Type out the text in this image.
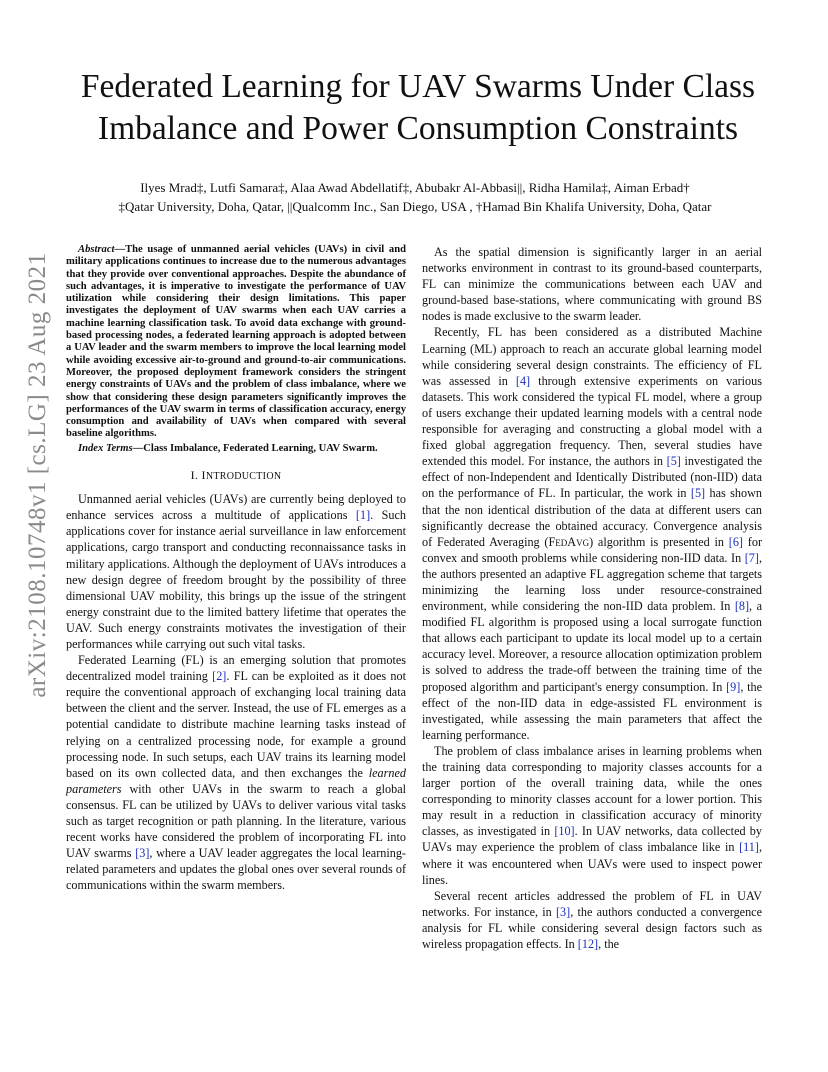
arXiv:2108.10748v1 [cs.LG] 23 Aug 2021
Federated Learning for UAV Swarms Under Class Imbalance and Power Consumption Constraints

Ilyes Mrad‡, Lutfi Samara‡, Alaa Awad Abdellatif‡, Abubakr Al-Abbasi||, Ridha Hamila‡, Aiman Erbad†

‡Qatar University, Doha, Qatar, ||Qualcomm Inc., San Diego, USA , †Hamad Bin Khalifa University, Doha, Qatar

Abstract—The usage of unmanned aerial vehicles (UAVs) in civil and military applications continues to increase due to the numerous advantages that they provide over conventional approaches. Despite the abundance of such advantages, it is imperative to investigate the performance of UAV utilization while considering their design limitations. This paper investigates the deployment of UAV swarms when each UAV carries a machine learning classification task. To avoid data exchange with ground-based processing nodes, a federated learning approach is adopted between a UAV leader and the swarm members to improve the local learning model while avoiding excessive air-to-ground and ground-to-air communications. Moreover, the proposed deployment framework considers the stringent energy constraints of UAVs and the problem of class imbalance, where we show that considering these design parameters significantly improves the performances of the UAV swarm in terms of classification accuracy, energy consumption and availability of UAVs when compared with several baseline algorithms.

Index Terms—Class Imbalance, Federated Learning, UAV Swarm.

I. INTRODUCTION

Unmanned aerial vehicles (UAVs) are currently being deployed to enhance services across a multitude of applications [1]. Such applications cover for instance aerial surveillance in law enforcement applications, cargo transport and conducting reconnaissance tasks in military applications. Although the deployment of UAVs introduces a new design degree of freedom brought by the possibility of three dimensional UAV mobility, this brings up the issue of the stringent energy constraint due to the limited battery lifetime that operates the UAV. Such energy constraints motivates the investigation of their performances while carrying out such vital tasks.

Federated Learning (FL) is an emerging solution that promotes decentralized model training [2]. FL can be exploited as it does not require the conventional approach of exchanging local training data between the client and the server. Instead, the use of FL emerges as a potential candidate to distribute machine learning tasks instead of relying on a centralized processing node, for example a ground processing node. In such setups, each UAV trains its learning model based on its own collected data, and then exchanges the learned parameters with other UAVs in the swarm to reach a global consensus. FL can be utilized by UAVs to deliver various vital tasks such as target recognition or path planning. In the literature, various recent works have considered the problem of incorporating FL into UAV swarms [3], where a UAV leader aggregates the local learning-related parameters and updates the global ones over several rounds of communications within the swarm members.

As the spatial dimension is significantly larger in an aerial networks environment in contrast to its ground-based counterparts, FL can minimize the communications between each UAV and ground-based base-stations, where communicating with ground BS nodes is made exclusive to the swarm leader.

Recently, FL has been considered as a distributed Machine Learning (ML) approach to reach an accurate global learning model while considering several design constraints. The efficiency of FL was assessed in [4] through extensive experiments on various datasets. This work considered the typical FL model, where a group of users exchange their updated learning models with a central node responsible for averaging and constructing a global model with a fixed global aggregation frequency. Then, several studies have extended this model. For instance, the authors in [5] investigated the effect of non-Independent and Identically Distributed (non-IID) data on the performance of FL. In particular, the work in [5] has shown that the non identical distribution of the data at different users can significantly decrease the obtained accuracy. Convergence analysis of Federated Averaging (FedAvg) algorithm is presented in [6] for convex and smooth problems while considering non-IID data. In [7], the authors presented an adaptive FL aggregation scheme that targets minimizing the learning loss under resource-constrained environment, while considering the non-IID data problem. In [8], a modified FL algorithm is proposed using a local surrogate function that allows each participant to update its local model up to a certain accuracy level. Moreover, a resource allocation optimization problem is solved to address the trade-off between the training time of the proposed algorithm and participant's energy consumption. In [9], the effect of the non-IID data in edge-assisted FL environment is investigated, while assessing the main parameters that affect the learning performance.

The problem of class imbalance arises in learning problems when the training data corresponding to majority classes accounts for a larger portion of the overall training data, while the ones corresponding to minority classes account for a lower portion. This may result in a reduction in classification accuracy of minority classes, as investigated in [10]. In UAV networks, data collected by UAVs may experience the problem of class imbalance like in [11], where it was encountered when UAVs were used to inspect power lines.

Several recent articles addressed the problem of FL in UAV networks. For instance, in [3], the authors conducted a convergence analysis for FL while considering several design factors such as wireless propagation effects. In [12], the
